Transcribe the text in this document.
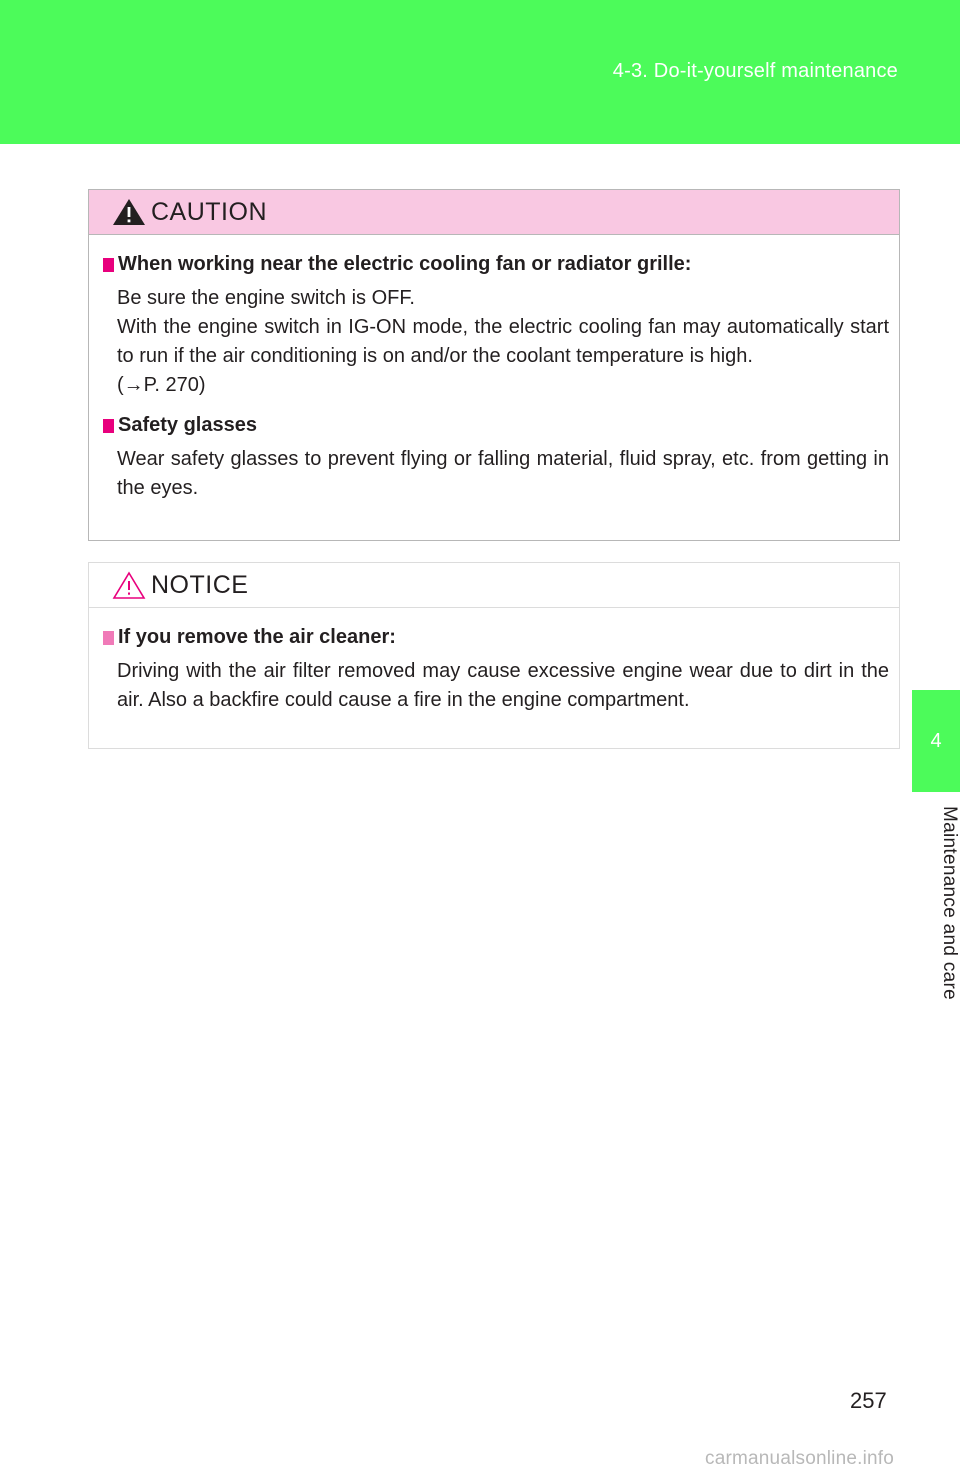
4-3. Do-it-yourself maintenance
4
Maintenance and care
CAUTION
When working near the electric cooling fan or radiator grille:
Be sure the engine switch is OFF.
With the engine switch in IG-ON mode, the electric cooling fan may automatically start to run if the air conditioning is on and/or the coolant temperature is high.
(→P. 270)
Safety glasses
Wear safety glasses to prevent flying or falling material, fluid spray, etc. from getting in the eyes.
NOTICE
If you remove the air cleaner:
Driving with the air filter removed may cause excessive engine wear due to dirt in the air. Also a backfire could cause a fire in the engine compartment.
257
carmanualsonline.info
